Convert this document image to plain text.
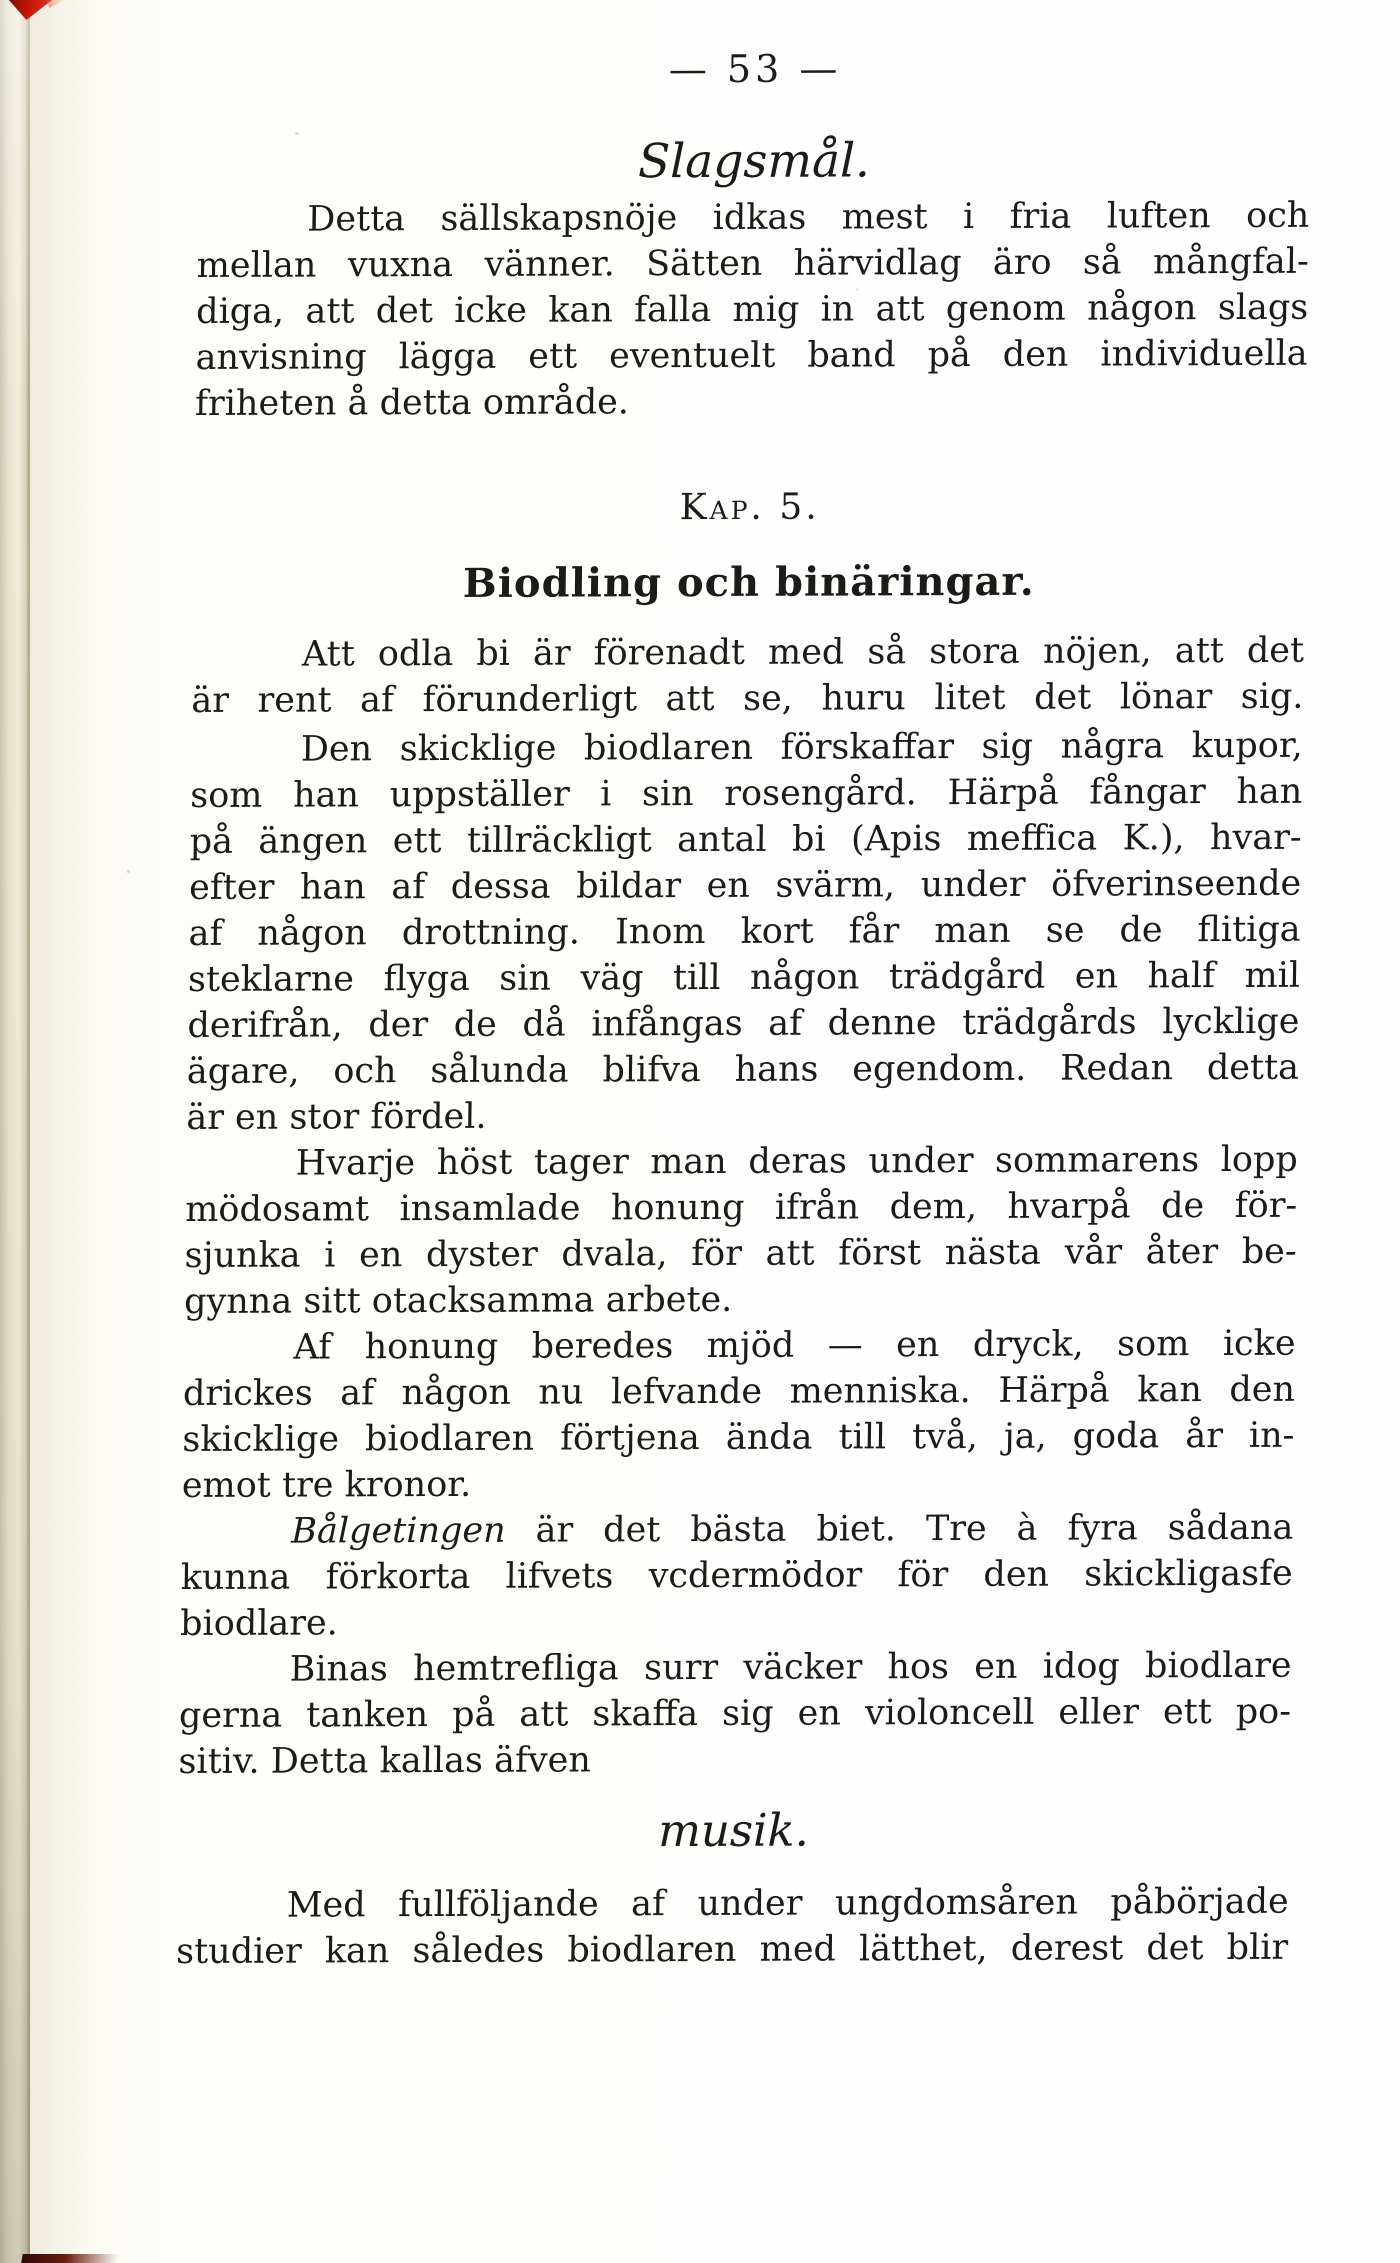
— 53 —
Slagsmål.
Detta sällskapsnöje idkas mest i fria luften och
mellan vuxna vänner. Sätten härvidlag äro så mångfal-
diga, att det icke kan falla mig in att genom någon slags
anvisning lägga ett eventuelt band på den individuella
friheten å detta område.
Kap. 5.
Biodling och binäringar.
Att odla bi är förenadt med så stora nöjen, att det
är rent af förunderligt att se, huru litet det lönar sig.
Den skicklige biodlaren förskaffar sig några kupor,
som han uppställer i sin rosengård. Härpå fångar han
på ängen ett tillräckligt antal bi (Apis meffica K.), hvar-
efter han af dessa bildar en svärm, under öfverinseende
af någon drottning. Inom kort får man se de flitiga
steklarne flyga sin väg till någon trädgård en half mil
derifrån, der de då infångas af denne trädgårds lycklige
ägare, och sålunda blifva hans egendom. Redan detta
är en stor fördel.
Hvarje höst tager man deras under sommarens lopp
mödosamt insamlade honung ifrån dem, hvarpå de för-
sjunka i en dyster dvala, för att först nästa vår åter be-
gynna sitt otacksamma arbete.
Af honung beredes mjöd — en dryck, som icke
drickes af någon nu lefvande menniska. Härpå kan den
skicklige biodlaren förtjena ända till två, ja, goda år in-
emot tre kronor.
Bålgetingen är det bästa biet. Tre à fyra sådana
kunna förkorta lifvets vcdermödor för den skickligasfe
biodlare.
Binas hemtrefliga surr väcker hos en idog biodlare
gerna tanken på att skaffa sig en violoncell eller ett po-
sitiv. Detta kallas äfven
musik.
Med fullföljande af under ungdomsåren påbörjade
studier kan således biodlaren med lätthet, derest det blir
